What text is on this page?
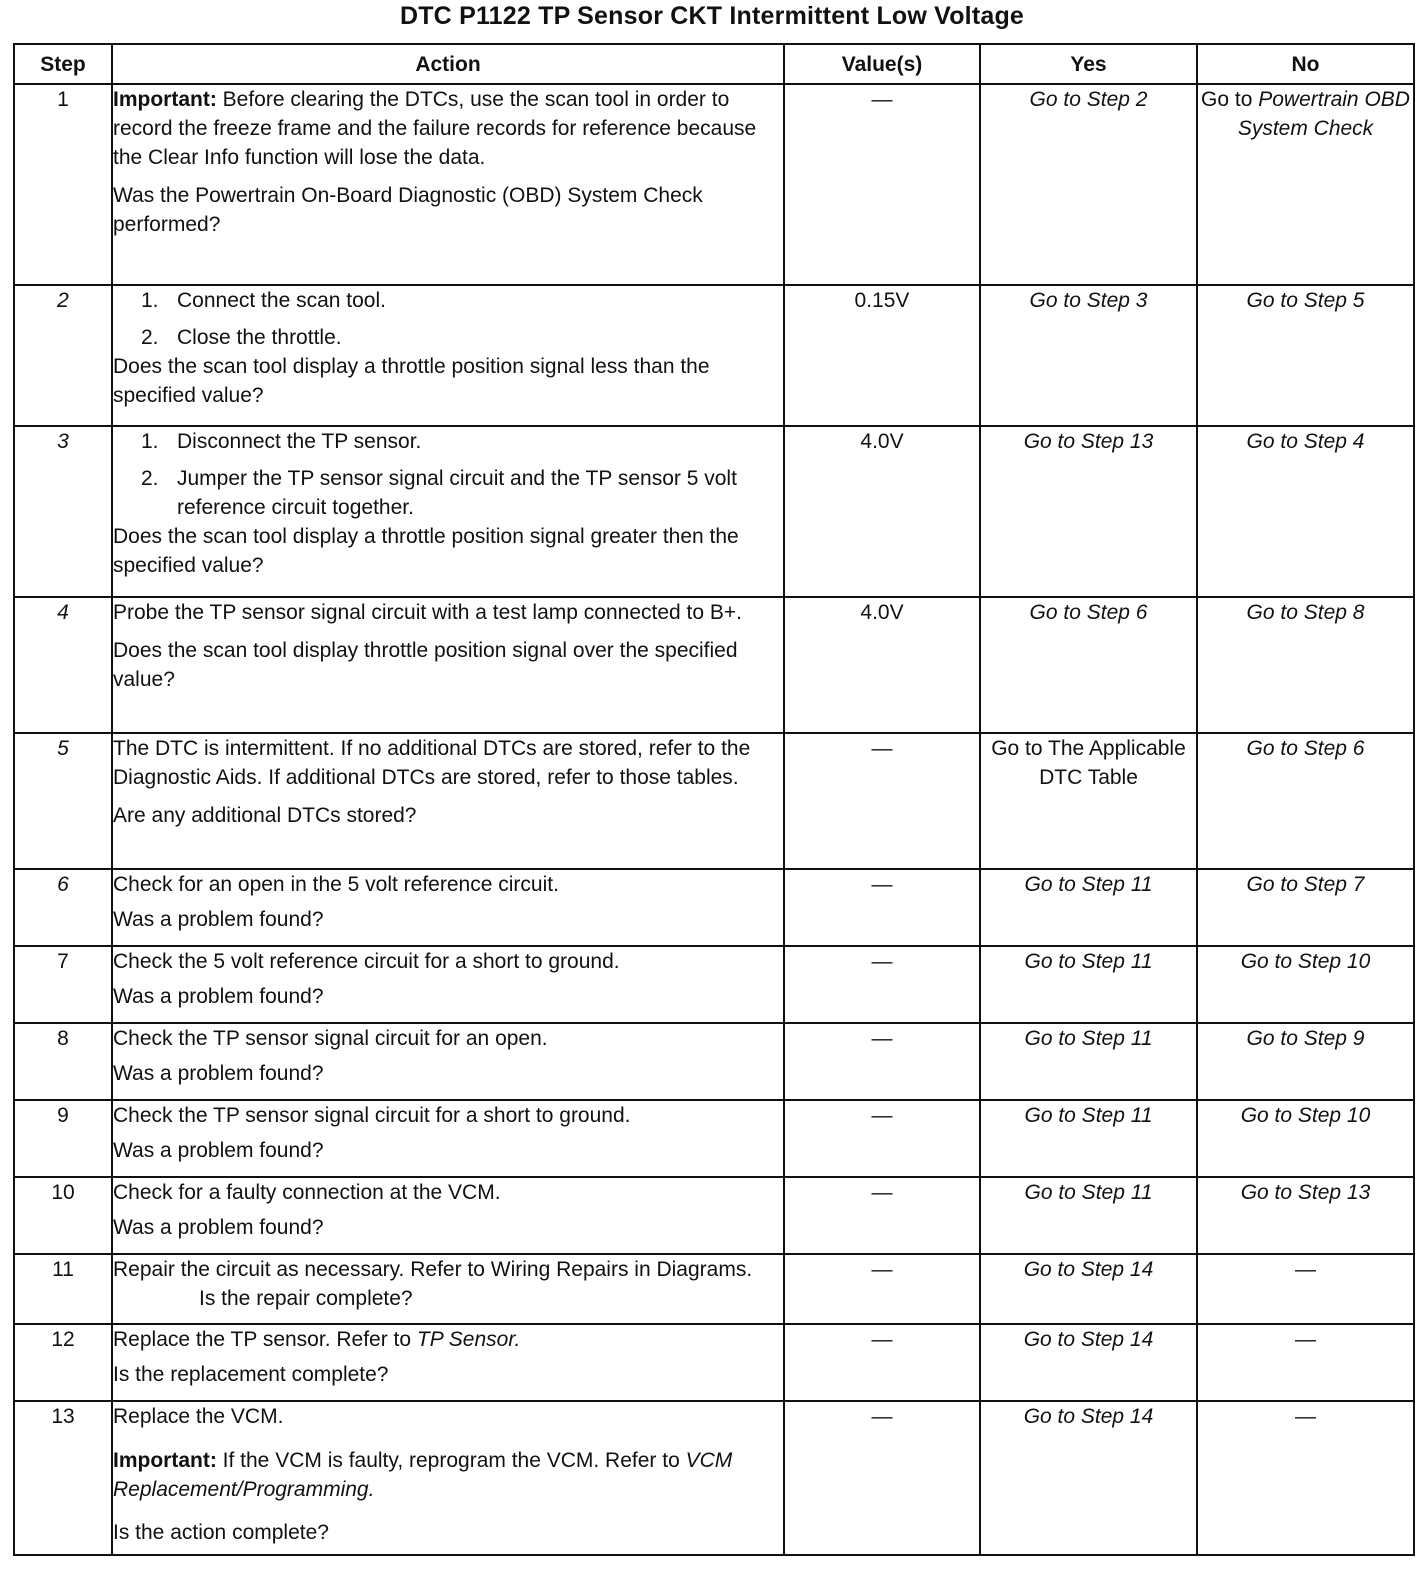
DTC P1122 TP Sensor CKT Intermittent Low Voltage
Step	Action	Value(s)	Yes	No
1	Important: Before clearing the DTCs, use the scan tool in order to record the freeze frame and the failure records for reference because the Clear Info function will lose the data.

Was the Powertrain On-Board Diagnostic (OBD) System Check performed?	—	Go to Step 2	Go to Powertrain OBD System Check
2	1. Connect the scan tool.
2. Close the throttle.

Does the scan tool display a throttle position signal less than the specified value?	0.15V	Go to Step 3	Go to Step 5
3	1. Disconnect the TP sensor.
2. Jumper the TP sensor signal circuit and the TP sensor 5 volt reference circuit together.

Does the scan tool display a throttle position signal greater then the specified value?	4.0V	Go to Step 13	Go to Step 4
4	Probe the TP sensor signal circuit with a test lamp connected to B+.

Does the scan tool display throttle position signal over the specified value?	4.0V	Go to Step 6	Go to Step 8
5	The DTC is intermittent. If no additional DTCs are stored, refer to the Diagnostic Aids. If additional DTCs are stored, refer to those tables.

Are any additional DTCs stored?	—	Go to The Applicable DTC Table	Go to Step 6
6	Check for an open in the 5 volt reference circuit.

Was a problem found?	—	Go to Step 11	Go to Step 7
7	Check the 5 volt reference circuit for a short to ground.

Was a problem found?	—	Go to Step 11	Go to Step 10
8	Check the TP sensor signal circuit for an open.

Was a problem found?	—	Go to Step 11	Go to Step 9
9	Check the TP sensor signal circuit for a short to ground.

Was a problem found?	—	Go to Step 11	Go to Step 10
10	Check for a faulty connection at the VCM.

Was a problem found?	—	Go to Step 11	Go to Step 13
11	Repair the circuit as necessary. Refer to Wiring Repairs in Diagrams.Is the repair complete?	—	Go to Step 14	—
12	Replace the TP sensor. Refer to TP Sensor.

Is the replacement complete?	—	Go to Step 14	—
13	Replace the VCM.

Important: If the VCM is faulty, reprogram the VCM. Refer to VCM Replacement/Programming.

Is the action complete?	—	Go to Step 14	—
